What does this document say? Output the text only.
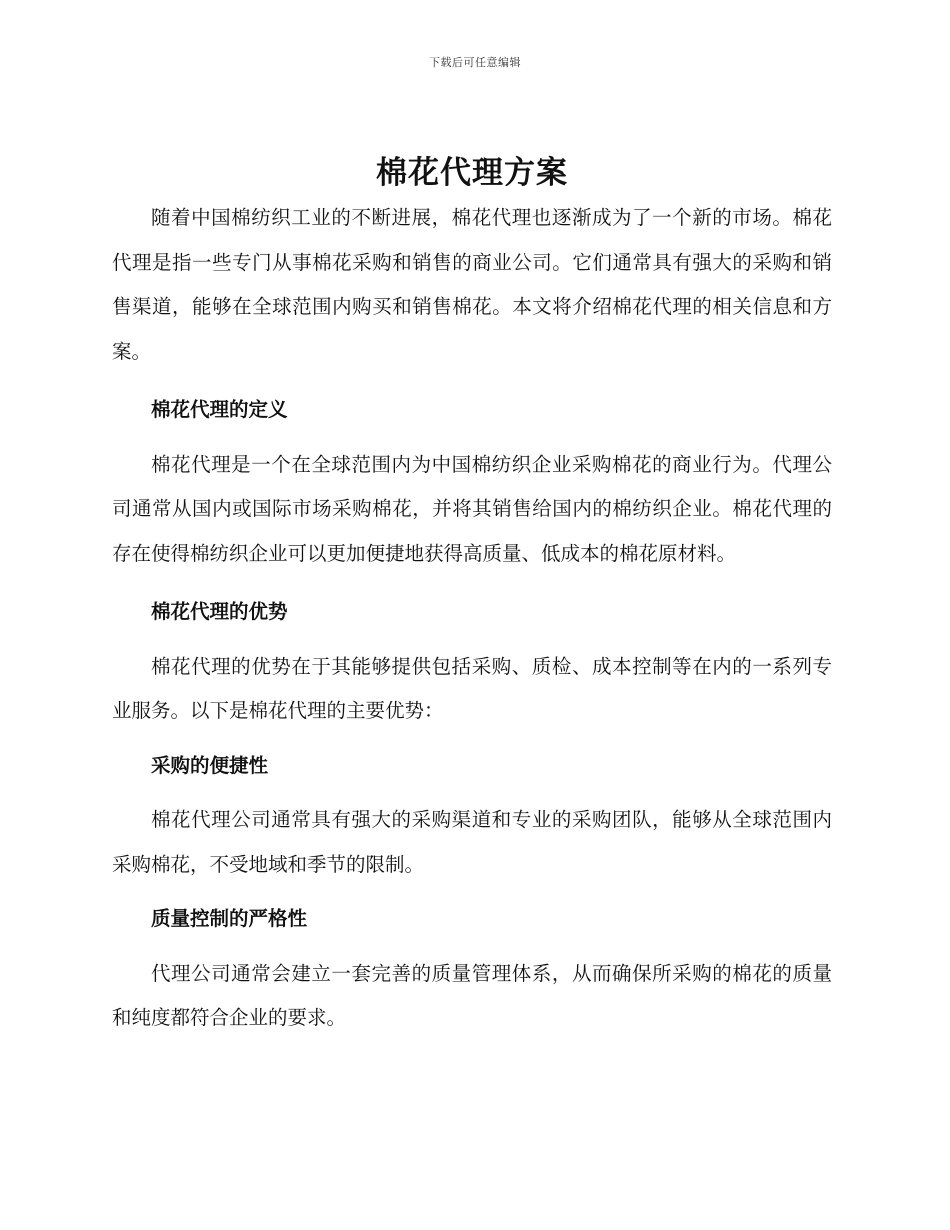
下载后可任意编辑
棉花代理方案

随着中国棉纺织工业的不断进展，棉花代理也逐渐成为了一个新的市场。棉花代理是指一些专门从事棉花采购和销售的商业公司。它们通常具有强大的采购和销售渠道，能够在全球范围内购买和销售棉花。本文将介绍棉花代理的相关信息和方案。

棉花代理的定义

棉花代理是一个在全球范围内为中国棉纺织企业采购棉花的商业行为。代理公司通常从国内或国际市场采购棉花，并将其销售给国内的棉纺织企业。棉花代理的存在使得棉纺织企业可以更加便捷地获得高质量、低成本的棉花原材料。

棉花代理的优势

棉花代理的优势在于其能够提供包括采购、质检、成本控制等在内的一系列专业服务。以下是棉花代理的主要优势：

采购的便捷性

棉花代理公司通常具有强大的采购渠道和专业的采购团队，能够从全球范围内采购棉花，不受地域和季节的限制。

质量控制的严格性

代理公司通常会建立一套完善的质量管理体系，从而确保所采购的棉花的质量和纯度都符合企业的要求。
